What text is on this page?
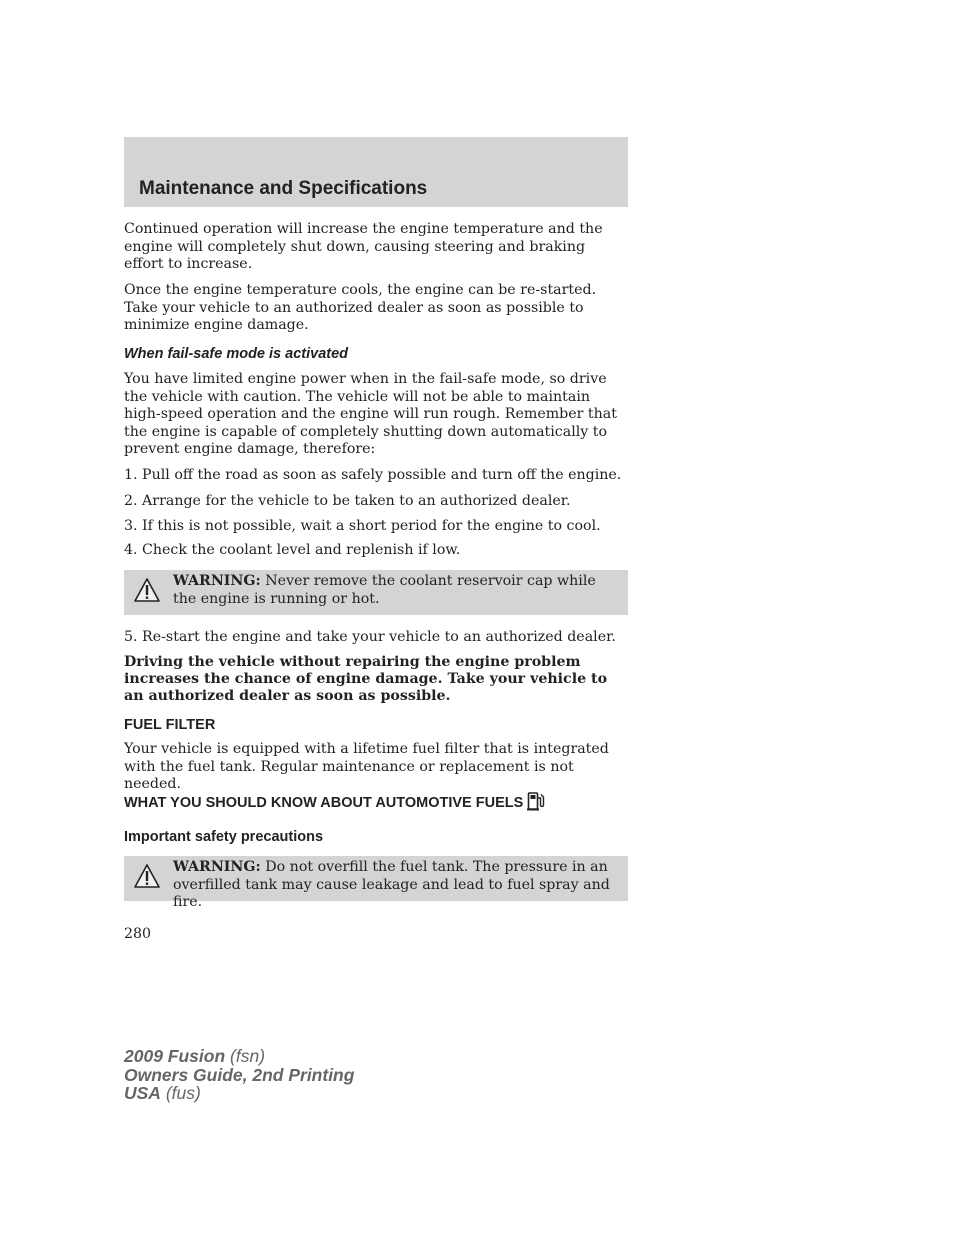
Maintenance and Specifications

Continued operation will increase the engine temperature and the engine will completely shut down, causing steering and braking effort to increase.

Once the engine temperature cools, the engine can be re-started. Take your vehicle to an authorized dealer as soon as possible to minimize engine damage.

When fail-safe mode is activated

You have limited engine power when in the fail-safe mode, so drive the vehicle with caution. The vehicle will not be able to maintain high-speed operation and the engine will run rough. Remember that the engine is capable of completely shutting down automatically to prevent engine damage, therefore:

1. Pull off the road as soon as safely possible and turn off the engine.

2. Arrange for the vehicle to be taken to an authorized dealer.

3. If this is not possible, wait a short period for the engine to cool.

4. Check the coolant level and replenish if low.

WARNING: Never remove the coolant reservoir cap while the engine is running or hot.

5. Re-start the engine and take your vehicle to an authorized dealer.

Driving the vehicle without repairing the engine problem increases the chance of engine damage. Take your vehicle to an authorized dealer as soon as possible.

FUEL FILTER

Your vehicle is equipped with a lifetime fuel filter that is integrated with the fuel tank. Regular maintenance or replacement is not needed.

WHAT YOU SHOULD KNOW ABOUT AUTOMOTIVE FUELS
Important safety precautions
WARNING: Do not overfill the fuel tank. The pressure in an overfilled tank may cause leakage and lead to fuel spray and fire.
280
2009 Fusion (fsn)
Owners Guide, 2nd Printing
USA (fus)
